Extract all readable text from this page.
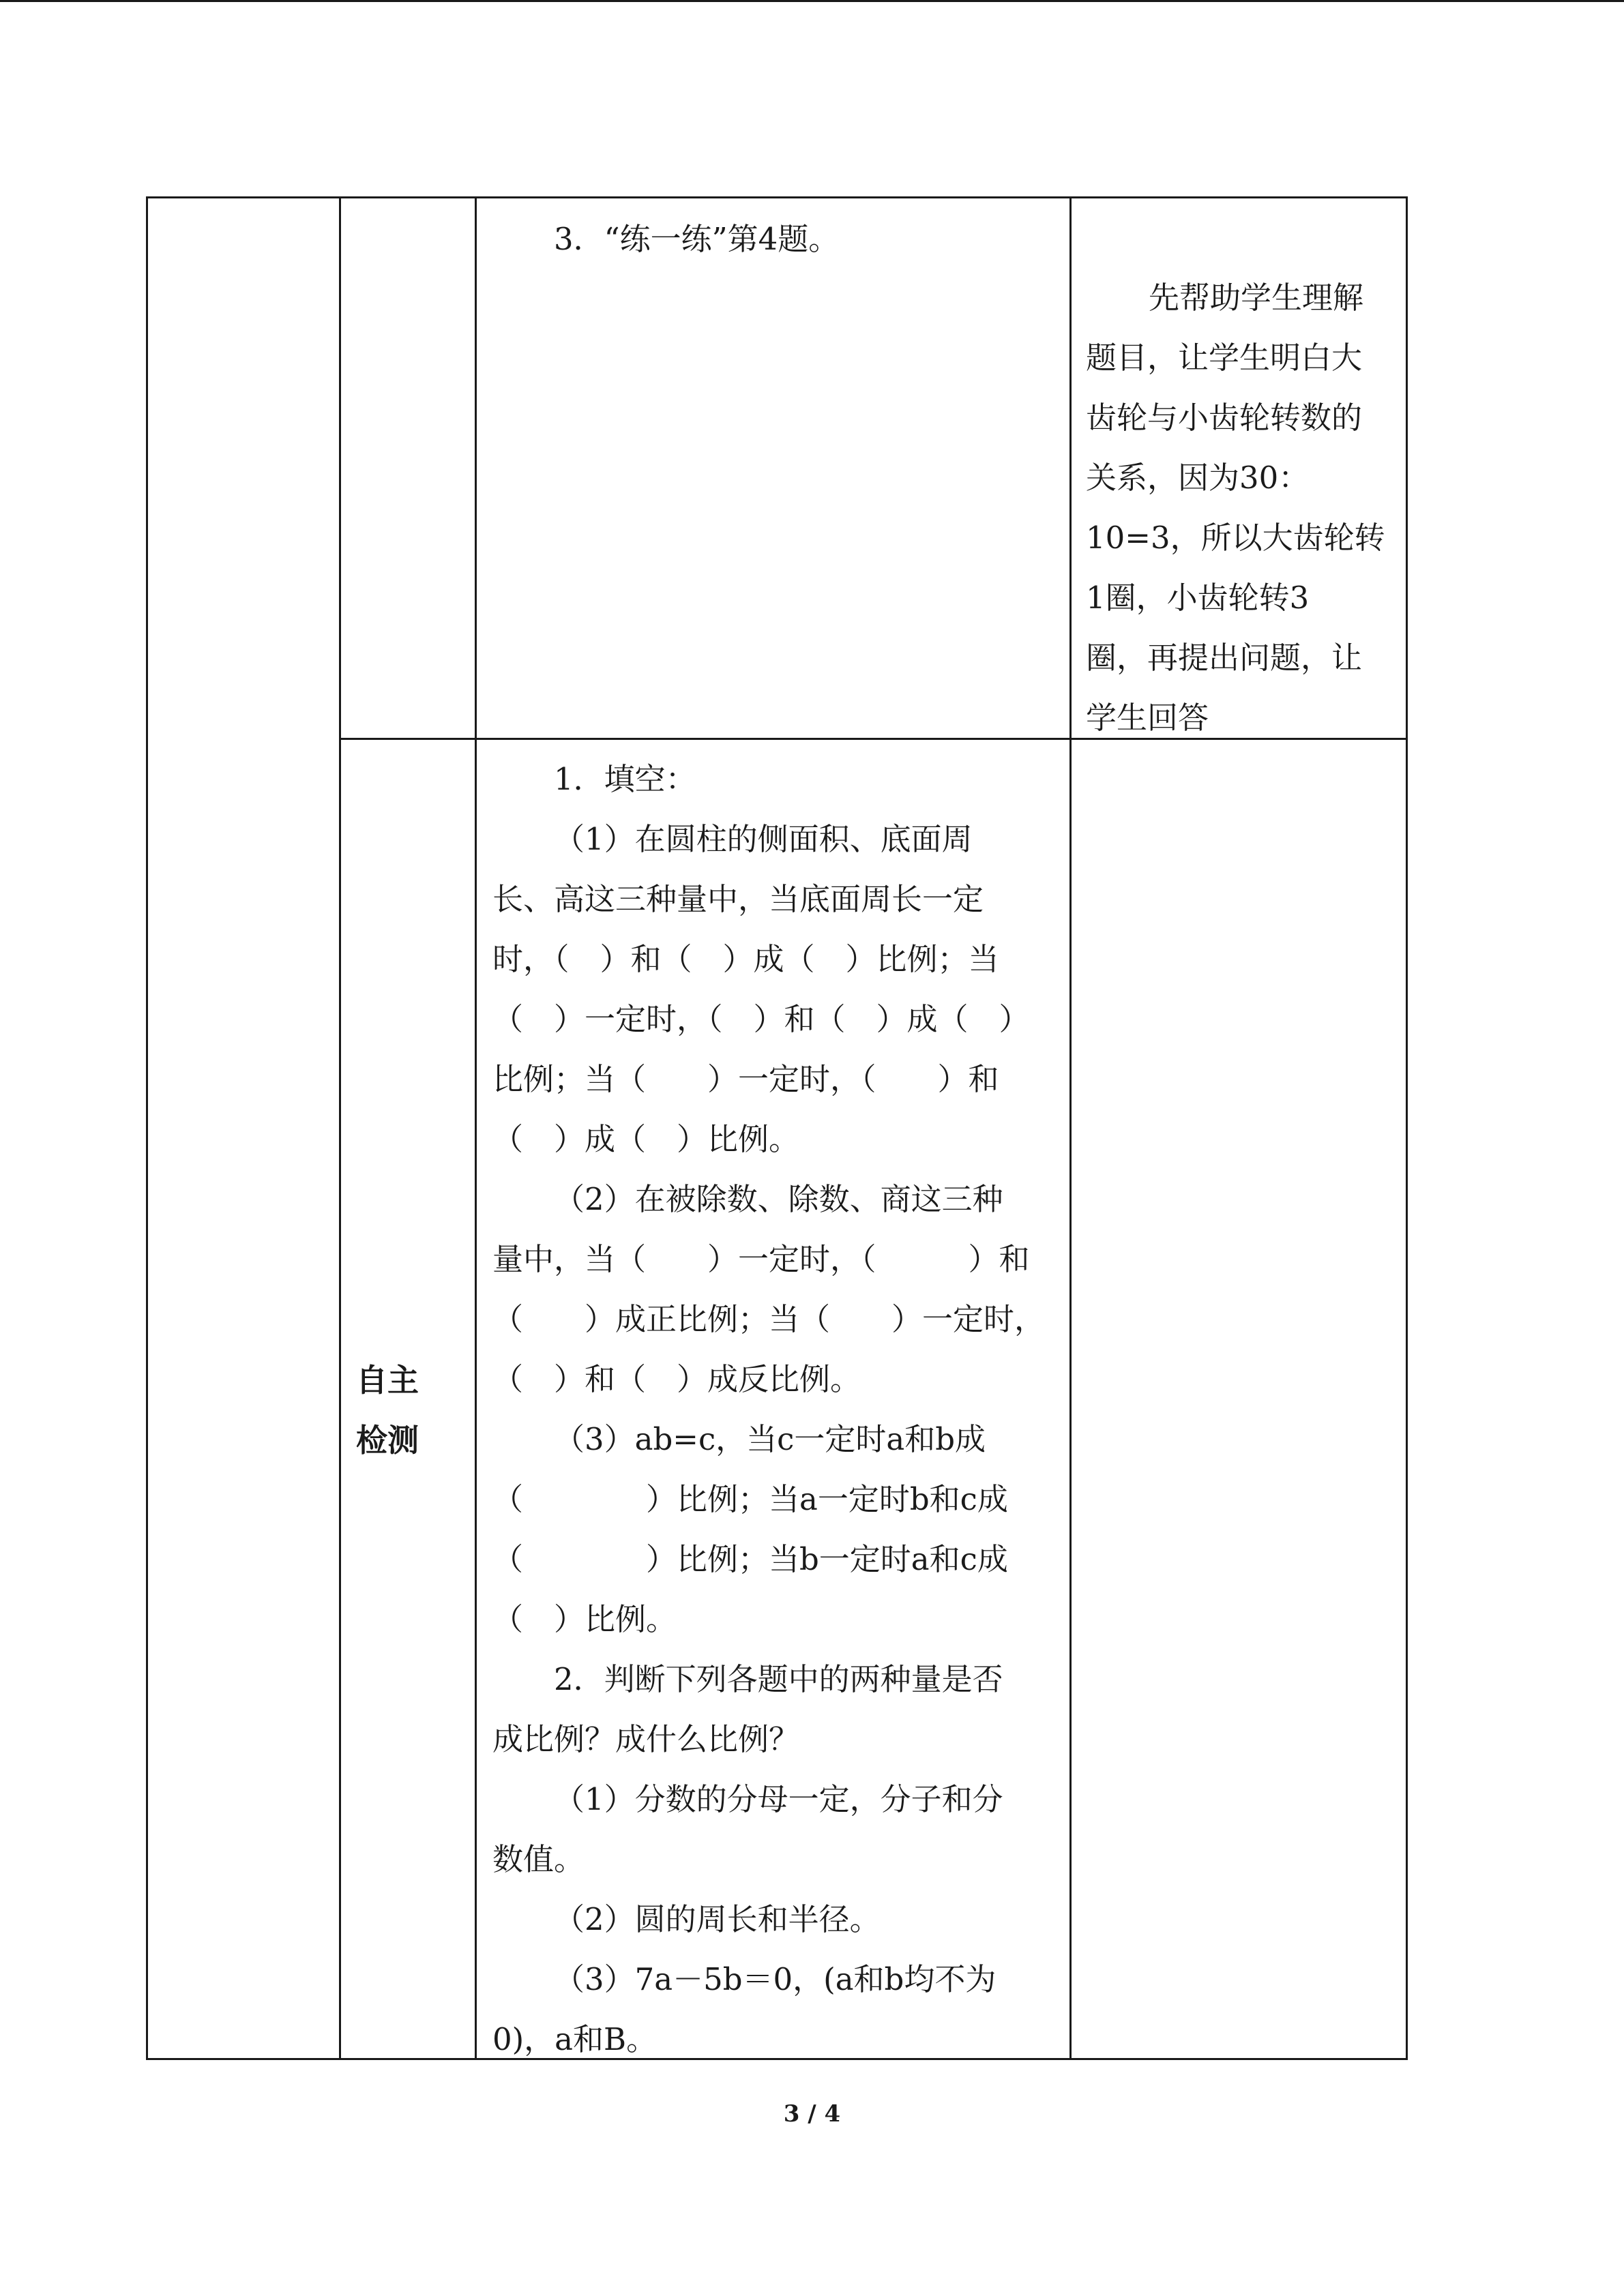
3．“练一练”第4题。
先帮助学生理解
题目，让学生明白大
齿轮与小齿轮转数的
关系，因为30：
10=3，所以大齿轮转
1圈，小齿轮转3
圈，再提出问题，让
学生回答
自主
检测
1．填空：
（1）在圆柱的侧面积、底面周
长、高这三种量中，当底面周长一定
时，（　）和（　）成（　）比例；当
（　）一定时，（　）和（　）成（　）
比例；当（　　）一定时，（　　）和
（　）成（　）比例。
（2）在被除数、除数、商这三种
量中，当（　　）一定时，（　　　）和
（　　）成正比例；当（　　）一定时，
（　）和（　）成反比例。
（3）ab=c，当c一定时a和b成
（　　　　）比例；当a一定时b和c成
（　　　　）比例；当b一定时a和c成
（　）比例。
2．判断下列各题中的两种量是否
成比例？成什么比例？
（1）分数的分母一定，分子和分
数值。
（2）圆的周长和半径。
（3）7a－5b＝0，(a和b均不为
0)，a和B。
3 / 4
